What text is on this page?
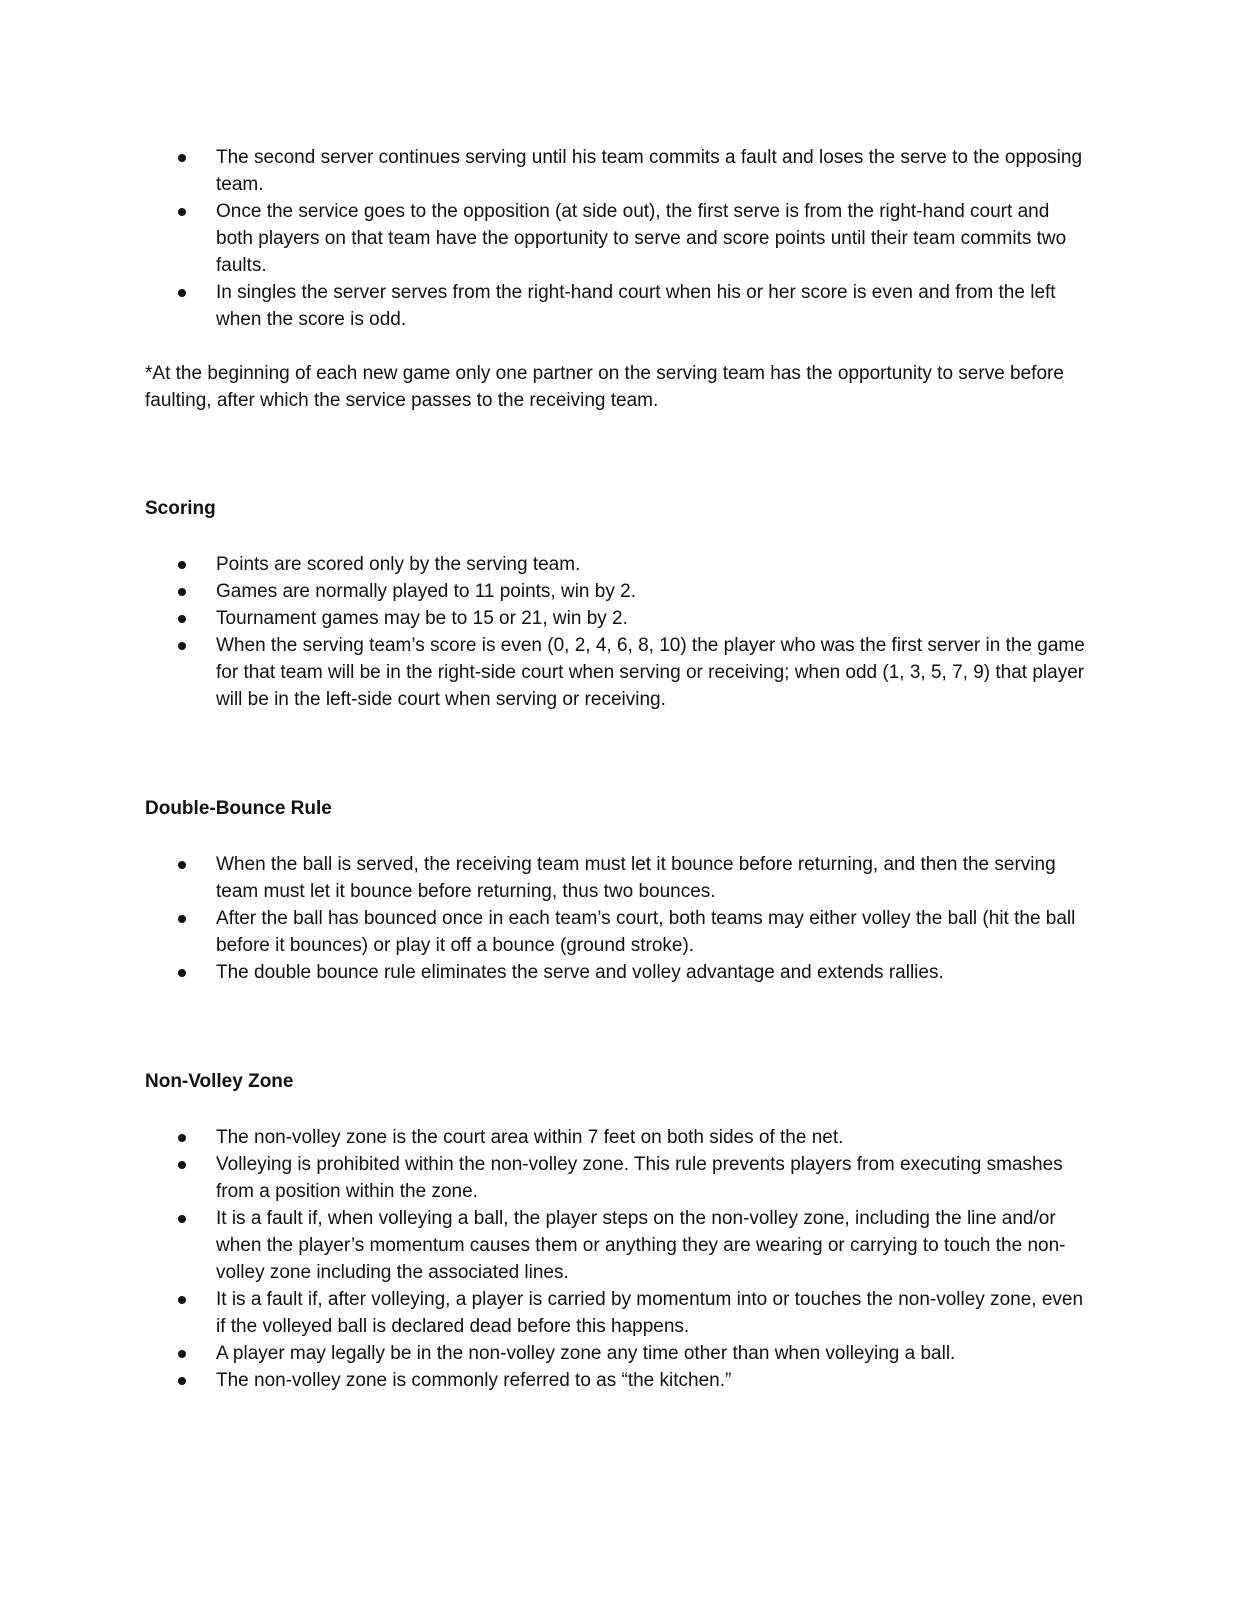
The second server continues serving until his team commits a fault and loses the serve to the opposing team.
Once the service goes to the opposition (at side out), the first serve is from the right-hand court and both players on that team have the opportunity to serve and score points until their team commits two faults.
In singles the server serves from the right-hand court when his or her score is even and from the left when the score is odd.

*At the beginning of each new game only one partner on the serving team has the opportunity to serve before faulting, after which the service passes to the receiving team.

Scoring

Points are scored only by the serving team.
Games are normally played to 11 points, win by 2.
Tournament games may be to 15 or 21, win by 2.
When the serving team’s score is even (0, 2, 4, 6, 8, 10) the player who was the first server in the game for that team will be in the right-side court when serving or receiving; when odd (1, 3, 5, 7, 9) that player will be in the left-side court when serving or receiving.

Double-Bounce Rule

When the ball is served, the receiving team must let it bounce before returning, and then the serving team must let it bounce before returning, thus two bounces.
After the ball has bounced once in each team’s court, both teams may either volley the ball (hit the ball before it bounces) or play it off a bounce (ground stroke).
The double bounce rule eliminates the serve and volley advantage and extends rallies.

Non-Volley Zone

The non-volley zone is the court area within 7 feet on both sides of the net.
Volleying is prohibited within the non-volley zone. This rule prevents players from executing smashes from a position within the zone.
It is a fault if, when volleying a ball, the player steps on the non-volley zone, including the line and/or when the player’s momentum causes them or anything they are wearing or carrying to touch the non-volley zone including the associated lines.
It is a fault if, after volleying, a player is carried by momentum into or touches the non-volley zone, even if the volleyed ball is declared dead before this happens.
A player may legally be in the non-volley zone any time other than when volleying a ball.
The non-volley zone is commonly referred to as “the kitchen.”
